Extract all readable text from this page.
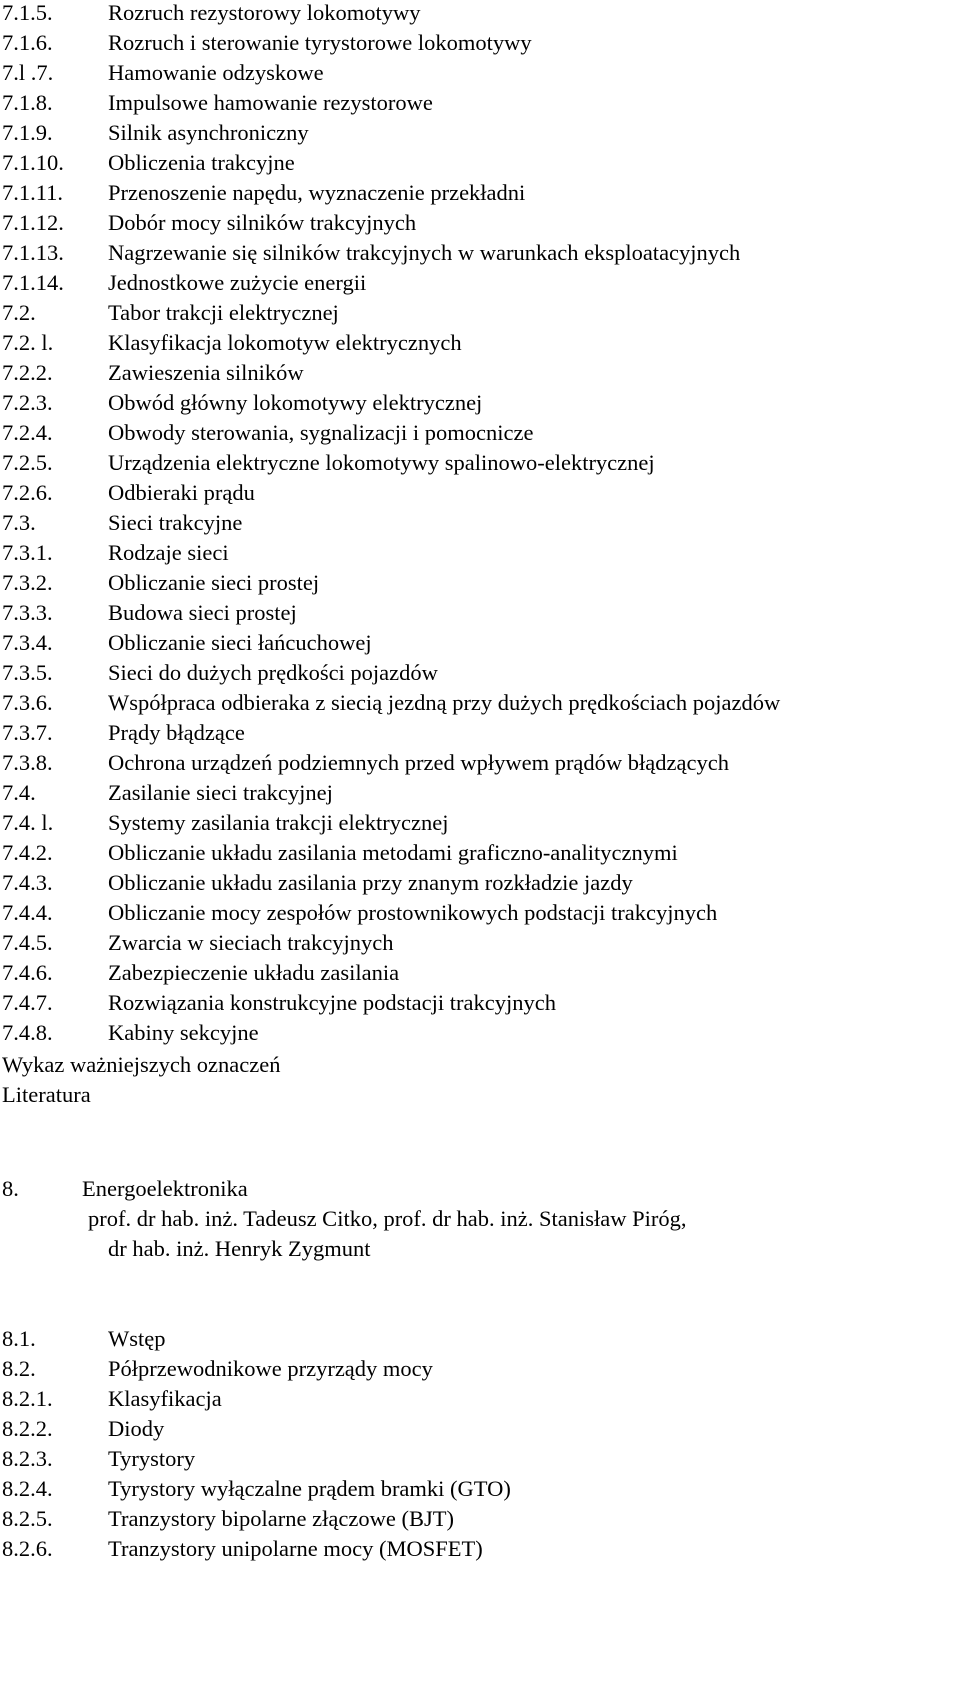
7.1.5. Rozruch rezystorowy lokomotywy
7.1.6. Rozruch i sterowanie tyrystorowe lokomotywy
7.l .7. Hamowanie odzyskowe
7.1.8. Impulsowe hamowanie rezystorowe
7.1.9. Silnik asynchroniczny
7.1.10. Obliczenia trakcyjne
7.1.11. Przenoszenie napędu, wyznaczenie przekładni
7.1.12. Dobór mocy silników trakcyjnych
7.1.13. Nagrzewanie się silników trakcyjnych w warunkach eksploatacyjnych
7.1.14. Jednostkowe zużycie energii
7.2.	Tabor trakcji elektrycznej
7.2. l. Klasyfikacja lokomotyw elektrycznych
7.2.2. Zawieszenia silników
7.2.3. Obwód główny lokomotywy elektrycznej
7.2.4. Obwody sterowania, sygnalizacji i pomocnicze
7.2.5. Urządzenia elektryczne lokomotywy spalinowo-elektrycznej
7.2.6. Odbieraki prądu
7.3.	Sieci trakcyjne
7.3.1. Rodzaje sieci
7.3.2. Obliczanie sieci prostej
7.3.3. Budowa sieci prostej
7.3.4. Obliczanie sieci łańcuchowej
7.3.5. Sieci do dużych prędkości pojazdów
7.3.6. Współpraca odbieraka z siecią jezdną przy dużych prędkościach pojazdów
7.3.7. Prądy błądzące
7.3.8. Ochrona urządzeń podziemnych przed wpływem prądów błądzących
7.4.	Zasilanie sieci trakcyjnej
7.4. l. Systemy zasilania trakcji elektrycznej
7.4.2. Obliczanie układu zasilania metodami graficzno-analitycznymi
7.4.3. Obliczanie układu zasilania przy znanym rozkładzie jazdy
7.4.4. Obliczanie mocy zespołów prostownikowych podstacji trakcyjnych
7.4.5. Zwarcia w sieciach trakcyjnych
7.4.6. Zabezpieczenie układu zasilania
7.4.7. Rozwiązania konstrukcyjne podstacji trakcyjnych
7.4.8. Kabiny sekcyjne
Wykaz ważniejszych oznaczeń
Literatura
8.	Energoelektronika
prof. dr hab. inż. Tadeusz Citko, prof. dr hab. inż. Stanisław Piróg,
dr hab. inż. Henryk Zygmunt
8.1.	Wstęp
8.2.	Półprzewodnikowe przyrządy mocy
8.2.1. Klasyfikacja
8.2.2. Diody
8.2.3. Tyrystory
8.2.4. Tyrystory wyłączalne prądem bramki (GTO)
8.2.5. Tranzystory bipolarne złączowe (BJT)
8.2.6. Tranzystory unipolarne mocy (MOSFET)
